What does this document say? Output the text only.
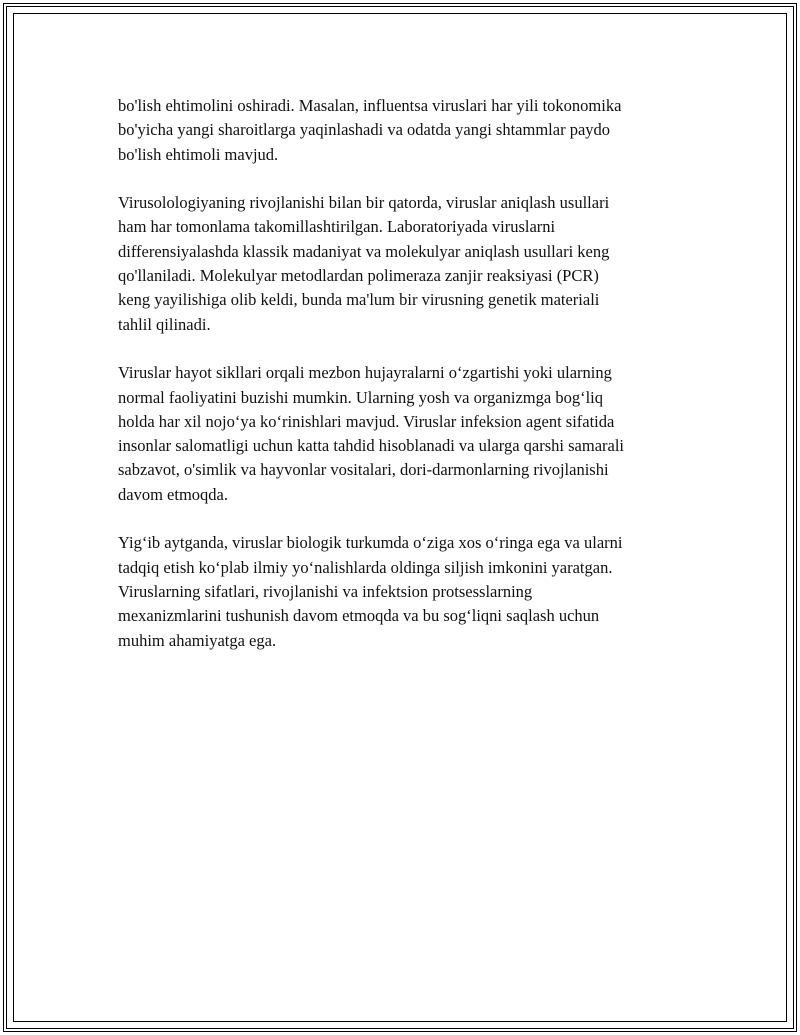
bo'lish ehtimolini oshiradi. Masalan, influentsa viruslari har yili tokonomika
bo'yicha yangi sharoitlarga yaqinlashadi va odatda yangi shtammlar paydo
bo'lish ehtimoli mavjud.

Virusolologiyaning rivojlanishi bilan bir qatorda, viruslar aniqlash usullari
ham har tomonlama takomillashtirilgan. Laboratoriyada viruslarni
differensiyalashda klassik madaniyat va molekulyar aniqlash usullari keng
qo'llaniladi. Molekulyar metodlardan polimeraza zanjir reaksiyasi (PCR)
keng yayilishiga olib keldi, bunda ma'lum bir virusning genetik materiali
tahlil qilinadi.

Viruslar hayot sikllari orqali mezbon hujayralarni o‘zgartishi yoki ularning
normal faoliyatini buzishi mumkin. Ularning yosh va organizmga bog‘liq
holda har xil nojo‘ya ko‘rinishlari mavjud. Viruslar infeksion agent sifatida
insonlar salomatligi uchun katta tahdid hisoblanadi va ularga qarshi samarali
sabzavot, o'simlik va hayvonlar vositalari, dori-darmonlarning rivojlanishi
davom etmoqda.

Yig‘ib aytganda, viruslar biologik turkumda o‘ziga xos o‘ringa ega va ularni
tadqiq etish ko‘plab ilmiy yo‘nalishlarda oldinga siljish imkonini yaratgan.
Viruslarning sifatlari, rivojlanishi va infektsion protsesslarning
mexanizmlarini tushunish davom etmoqda va bu sog‘liqni saqlash uchun
muhim ahamiyatga ega.
